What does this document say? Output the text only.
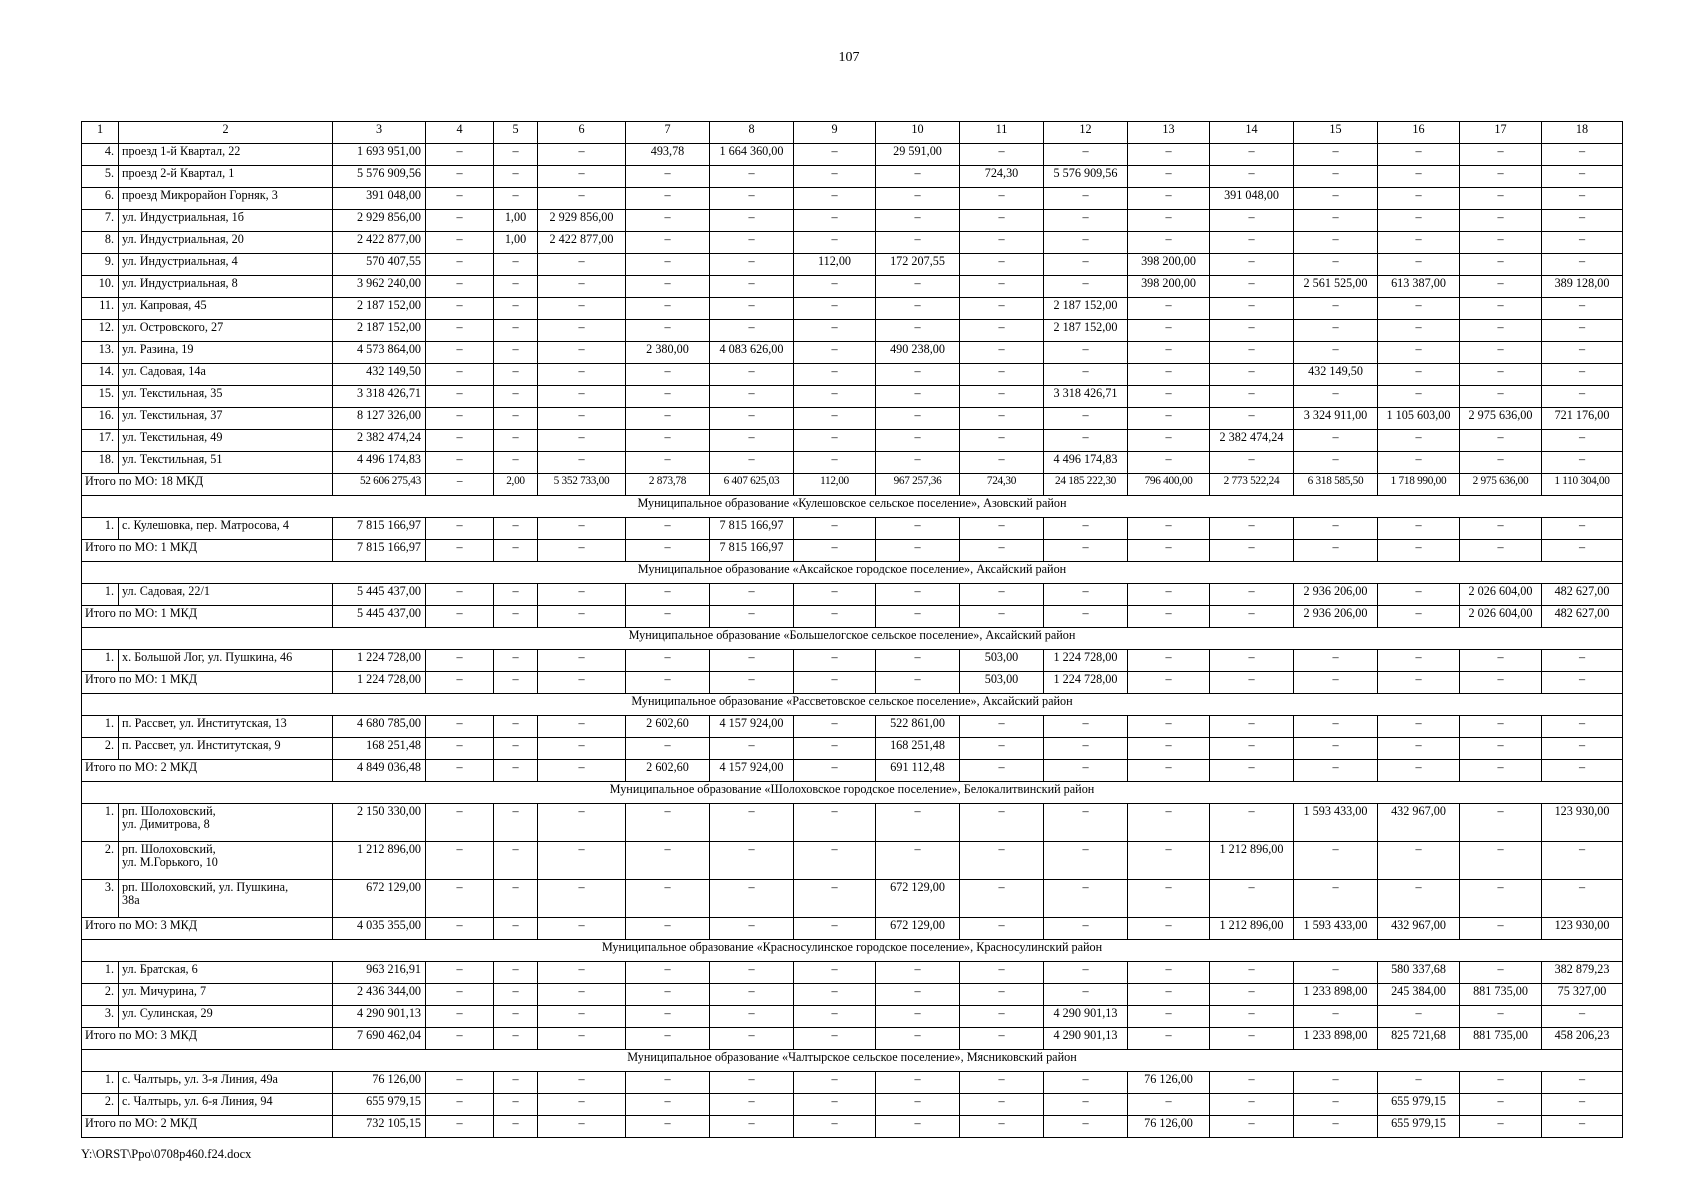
107
1	2	3	4	5	6	7	8	9	10	11	12	13	14	15	16	17	18
4.	проезд 1-й Квартал, 22	1 693 951,00	–	–	–	493,78	1 664 360,00	–	29 591,00	–	–	–	–	–	–	–	–
5.	проезд 2-й Квартал, 1	5 576 909,56	–	–	–	–	–	–	–	724,30	5 576 909,56	–	–	–	–	–	–
6.	проезд Микрорайон Горняк, 3	391 048,00	–	–	–	–	–	–	–	–	–	–	391 048,00	–	–	–	–
7.	ул. Индустриальная, 1б	2 929 856,00	–	1,00	2 929 856,00	–	–	–	–	–	–	–	–	–	–	–	–
8.	ул. Индустриальная, 20	2 422 877,00	–	1,00	2 422 877,00	–	–	–	–	–	–	–	–	–	–	–	–
9.	ул. Индустриальная, 4	570 407,55	–	–	–	–	–	112,00	172 207,55	–	–	398 200,00	–	–	–	–	–
10.	ул. Индустриальная, 8	3 962 240,00	–	–	–	–	–	–	–	–	–	398 200,00	–	2 561 525,00	613 387,00	–	389 128,00
11.	ул. Капровая, 45	2 187 152,00	–	–	–	–	–	–	–	–	2 187 152,00	–	–	–	–	–	–
12.	ул. Островского, 27	2 187 152,00	–	–	–	–	–	–	–	–	2 187 152,00	–	–	–	–	–	–
13.	ул. Разина, 19	4 573 864,00	–	–	–	2 380,00	4 083 626,00	–	490 238,00	–	–	–	–	–	–	–	–
14.	ул. Садовая, 14а	432 149,50	–	–	–	–	–	–	–	–	–	–	–	432 149,50	–	–	–
15.	ул. Текстильная, 35	3 318 426,71	–	–	–	–	–	–	–	–	3 318 426,71	–	–	–	–	–	–
16.	ул. Текстильная, 37	8 127 326,00	–	–	–	–	–	–	–	–	–	–	–	3 324 911,00	1 105 603,00	2 975 636,00	721 176,00
17.	ул. Текстильная, 49	2 382 474,24	–	–	–	–	–	–	–	–	–	–	2 382 474,24	–	–	–	–
18.	ул. Текстильная, 51	4 496 174,83	–	–	–	–	–	–	–	–	4 496 174,83	–	–	–	–	–	–
Итого по МО: 18 МКД		52 606 275,43	–	2,00	5 352 733,00	2 873,78	6 407 625,03	112,00	967 257,36	724,30	24 185 222,30	796 400,00	2 773 522,24	6 318 585,50	1 718 990,00	2 975 636,00	1 110 304,00
Муниципальное образование «Кулешовское сельское поселение», Азовский район																	
1.	с. Кулешовка, пер. Матросова, 4	7 815 166,97	–	–	–	–	7 815 166,97	–	–	–	–	–	–	–	–	–	–
Итого по МО: 1 МКД		7 815 166,97	–	–	–	–	7 815 166,97	–	–	–	–	–	–	–	–	–	–
Муниципальное образование «Аксайское городское поселение», Аксайский район																	
1.	ул. Садовая, 22/1	5 445 437,00	–	–	–	–	–	–	–	–	–	–	–	2 936 206,00	–	2 026 604,00	482 627,00
Итого по МО: 1 МКД		5 445 437,00	–	–	–	–	–	–	–	–	–	–	–	2 936 206,00	–	2 026 604,00	482 627,00
Муниципальное образование «Большелогское сельское поселение», Аксайский район																	
1.	х. Большой Лог, ул. Пушкина, 46	1 224 728,00	–	–	–	–	–	–	–	503,00	1 224 728,00	–	–	–	–	–	–
Итого по МО: 1 МКД		1 224 728,00	–	–	–	–	–	–	–	503,00	1 224 728,00	–	–	–	–	–	–
Муниципальное образование «Рассветовское сельское поселение», Аксайский район																	
1.	п. Рассвет, ул. Институтская, 13	4 680 785,00	–	–	–	2 602,60	4 157 924,00	–	522 861,00	–	–	–	–	–	–	–	–
2.	п. Рассвет, ул. Институтская, 9	168 251,48	–	–	–	–	–	–	168 251,48	–	–	–	–	–	–	–	–
Итого по МО: 2 МКД		4 849 036,48	–	–	–	2 602,60	4 157 924,00	–	691 112,48	–	–	–	–	–	–	–	–
Муниципальное образование «Шолоховское городское поселение», Белокалитвинский район																	
1.	рп. Шолоховский,
ул. Димитрова, 8	2 150 330,00	–	–	–	–	–	–	–	–	–	–	–	1 593 433,00	432 967,00	–	123 930,00
2.	рп. Шолоховский,
ул. М.Горького, 10	1 212 896,00	–	–	–	–	–	–	–	–	–	–	1 212 896,00	–	–	–	–
3.	рп. Шолоховский, ул. Пушкина,
38а	672 129,00	–	–	–	–	–	–	672 129,00	–	–	–	–	–	–	–	–
Итого по МО: 3 МКД		4 035 355,00	–	–	–	–	–	–	672 129,00	–	–	–	1 212 896,00	1 593 433,00	432 967,00	–	123 930,00
Муниципальное образование «Красносулинское городское поселение», Красносулинский район																	
1.	ул. Братская, 6	963 216,91	–	–	–	–	–	–	–	–	–	–	–	–	580 337,68	–	382 879,23
2.	ул. Мичурина, 7	2 436 344,00	–	–	–	–	–	–	–	–	–	–	–	1 233 898,00	245 384,00	881 735,00	75 327,00
3.	ул. Сулинская, 29	4 290 901,13	–	–	–	–	–	–	–	–	4 290 901,13	–	–	–	–	–	–
Итого по МО: 3 МКД		7 690 462,04	–	–	–	–	–	–	–	–	4 290 901,13	–	–	1 233 898,00	825 721,68	881 735,00	458 206,23
Муниципальное образование «Чалтырское сельское поселение», Мясниковский район																	
1.	с. Чалтырь, ул. 3-я Линия, 49а	76 126,00	–	–	–	–	–	–	–	–	–	76 126,00	–	–	–	–	–
2.	с. Чалтырь, ул. 6-я Линия, 94	655 979,15	–	–	–	–	–	–	–	–	–	–	–	–	655 979,15	–	–
Итого по МО: 2 МКД		732 105,15	–	–	–	–	–	–	–	–	–	76 126,00	–	–	655 979,15	–	–
Y:\ORST\Ppo\0708p460.f24.docx
